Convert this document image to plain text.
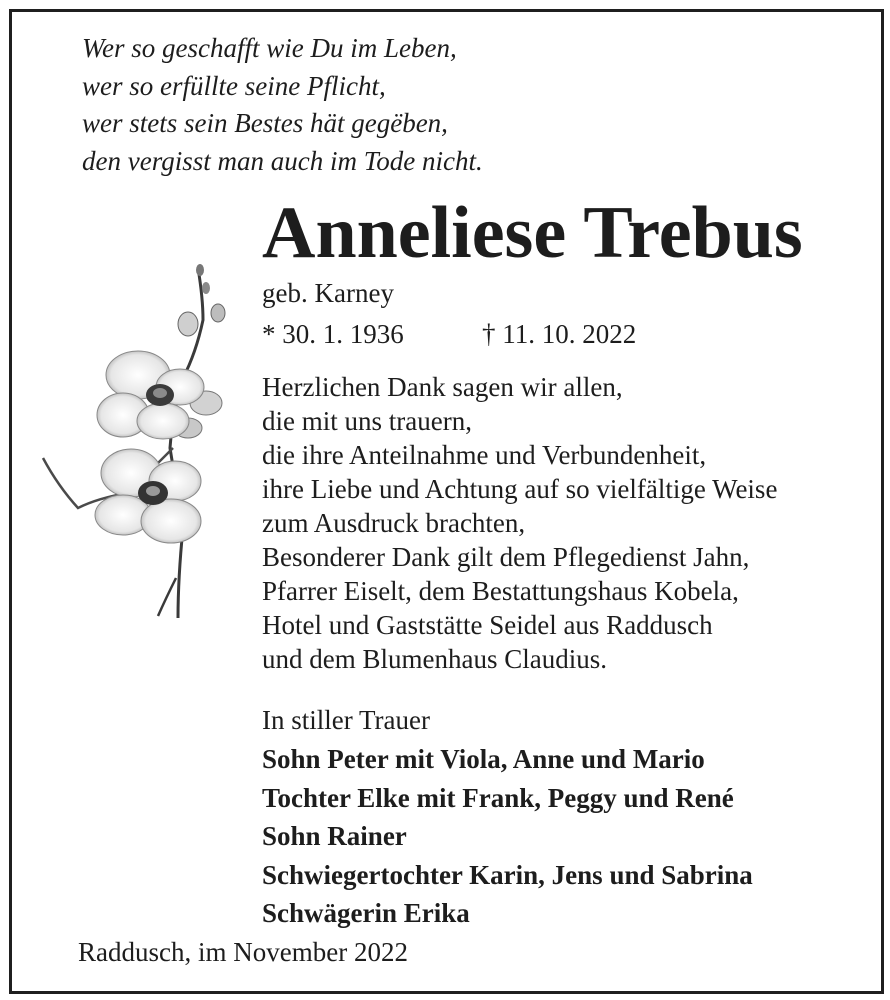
Wer so geschafft wie Du im Leben,
wer so erfüllte seine Pflicht,
wer stets sein Bestes hät gegëben,
den vergisst man auch im Tode nicht.
Anneliese Trebus
geb. Karney
* 30. 1. 1936	† 11. 10. 2022
Herzlichen Dank sagen wir allen,
die mit uns trauern,
die ihre Anteilnahme und Verbundenheit,
ihre Liebe und Achtung auf so vielfältige Weise
zum Ausdruck brachten,
Besonderer Dank gilt dem Pflegedienst Jahn,
Pfarrer Eiselt, dem Bestattungshaus Kobela,
Hotel und Gaststätte Seidel aus Raddusch
und dem Blumenhaus Claudius.
In stiller Trauer
Sohn Peter mit Viola, Anne und Mario
Tochter Elke mit Frank, Peggy und René
Sohn Rainer
Schwiegertochter Karin, Jens und Sabrina
Schwägerin Erika
Raddusch, im November 2022
